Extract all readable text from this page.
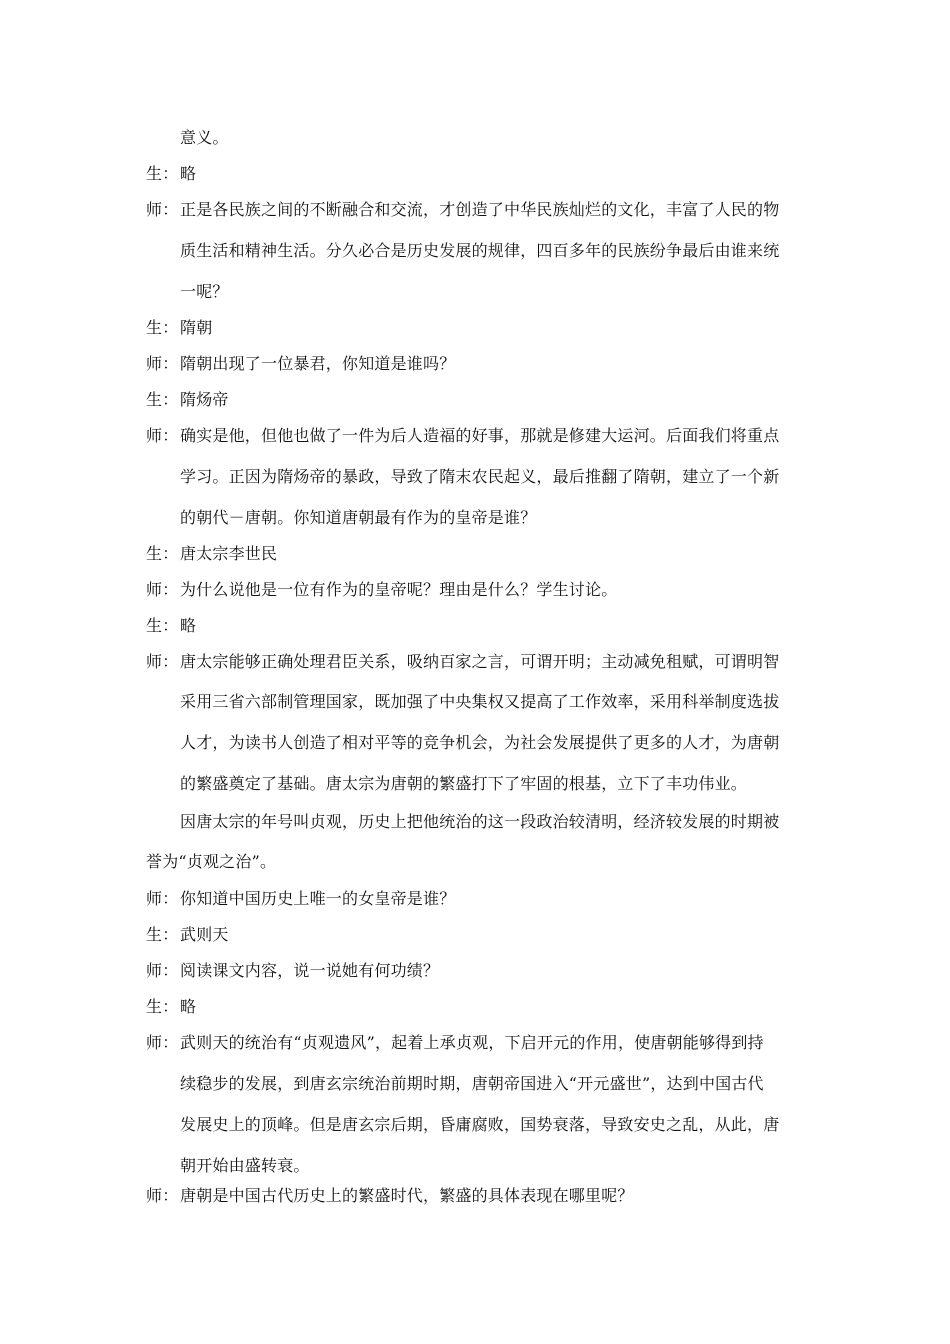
意义。
生：略
师：正是各民族之间的不断融合和交流，才创造了中华民族灿烂的文化，丰富了人民的物
质生活和精神生活。分久必合是历史发展的规律，四百多年的民族纷争最后由谁来统
一呢？
生：隋朝
师：隋朝出现了一位暴君，你知道是谁吗？
生：隋炀帝
师：确实是他，但他也做了一件为后人造福的好事，那就是修建大运河。后面我们将重点
学习。正因为隋炀帝的暴政，导致了隋末农民起义，最后推翻了隋朝，建立了一个新
的朝代－唐朝。你知道唐朝最有作为的皇帝是谁？
生：唐太宗李世民
师：为什么说他是一位有作为的皇帝呢？理由是什么？学生讨论。
生：略
师：唐太宗能够正确处理君臣关系，吸纳百家之言，可谓开明；主动减免租赋，可谓明智
采用三省六部制管理国家，既加强了中央集权又提高了工作效率，采用科举制度选拔
人才，为读书人创造了相对平等的竞争机会，为社会发展提供了更多的人才，为唐朝
的繁盛奠定了基础。唐太宗为唐朝的繁盛打下了牢固的根基，立下了丰功伟业。
因唐太宗的年号叫贞观，历史上把他统治的这一段政治较清明，经济较发展的时期被
誉为“贞观之治”。
师：你知道中国历史上唯一的女皇帝是谁？
生：武则天
师：阅读课文内容，说一说她有何功绩？
生：略
师：武则天的统治有“贞观遗风”，起着上承贞观，下启开元的作用，使唐朝能够得到持
续稳步的发展，到唐玄宗统治前期时期，唐朝帝国进入“开元盛世”，达到中国古代
发展史上的顶峰。但是唐玄宗后期，昏庸腐败，国势衰落，导致安史之乱，从此，唐
朝开始由盛转衰。
师：唐朝是中国古代历史上的繁盛时代，繁盛的具体表现在哪里呢？
